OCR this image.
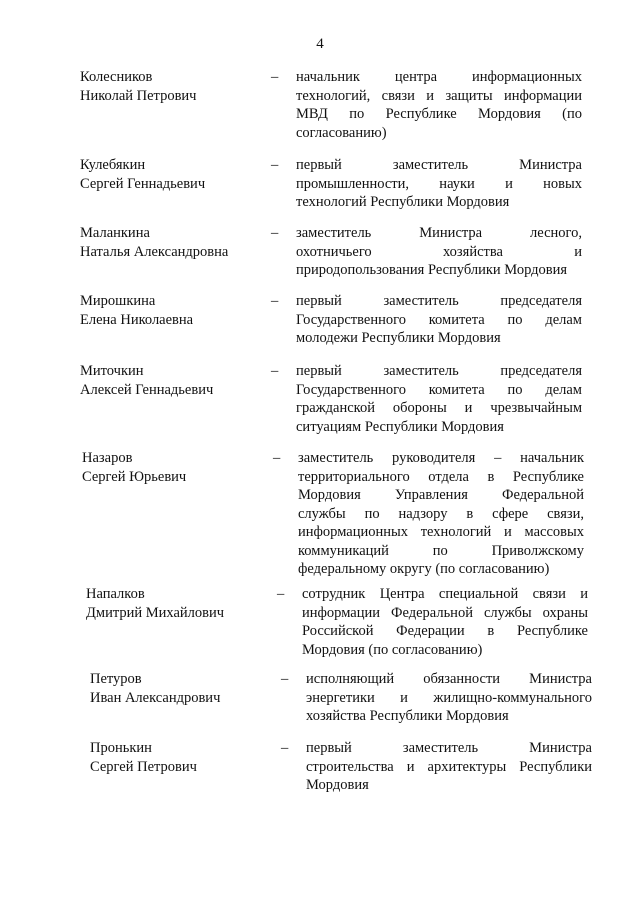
4
Колесников
Николай Петрович
– начальник центра информационных
технологий, связи и защиты информации
МВД по Республике Мордовия (по
согласованию)
Кулебякин
Сергей Геннадьевич
– первый заместитель Министра
промышленности, науки и новых
технологий Республики Мордовия
Маланкина
Наталья Александровна
– заместитель Министра лесного,
охотничьего хозяйства и
природопользования Республики Мордовия
Мирошкина
Елена Николаевна
– первый заместитель председателя
Государственного комитета по делам
молодежи Республики Мордовия
Миточкин
Алексей Геннадьевич
– первый заместитель председателя
Государственного комитета по делам
гражданской обороны и чрезвычайным
ситуациям Республики Мордовия
Назаров
Сергей Юрьевич
– заместитель руководителя – начальник
территориального отдела в Республике
Мордовия Управления Федеральной
службы по надзору в сфере связи,
информационных технологий и массовых
коммуникаций по Приволжскому
федеральному округу (по согласованию)
Напалков
Дмитрий Михайлович
– сотрудник Центра специальной связи и
информации Федеральной службы охраны
Российской Федерации в Республике
Мордовия (по согласованию)
Петуров
Иван Александрович
– исполняющий обязанности Министра
энергетики и жилищно-коммунального
хозяйства Республики Мордовия
Пронькин
Сергей Петрович
– первый заместитель Министра
строительства и архитектуры Республики
Мордовия
